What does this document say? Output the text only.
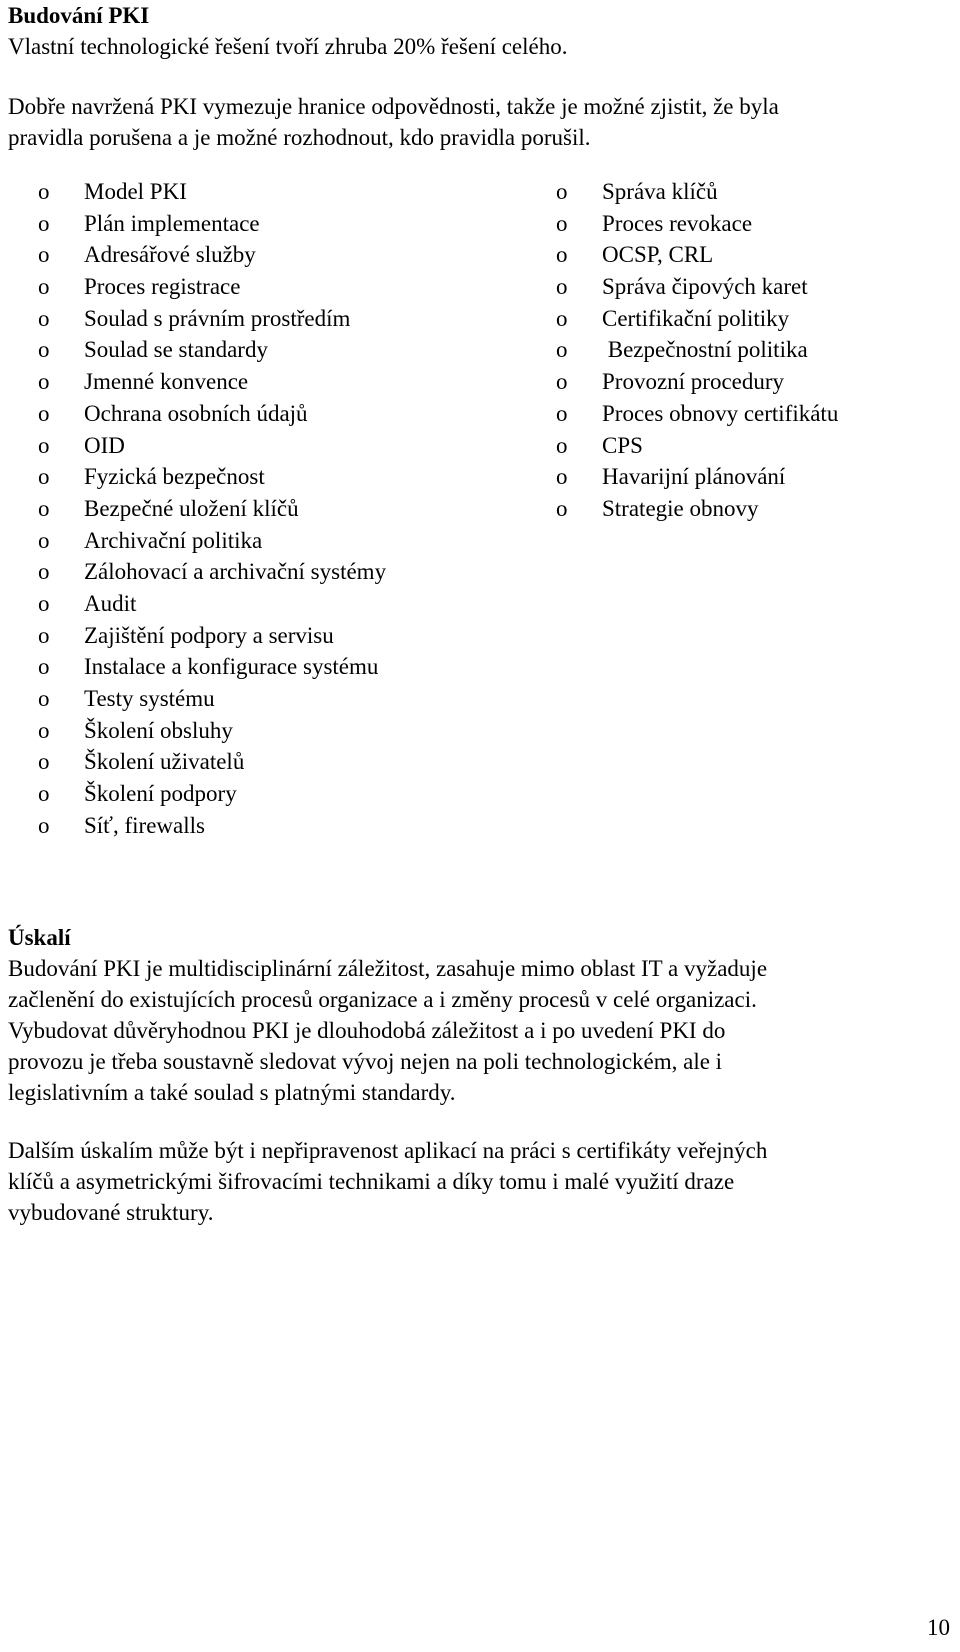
Budování PKI
Vlastní technologické řešení tvoří zhruba 20% řešení celého.
Dobře navržená PKI vymezuje hranice odpovědnosti, takže je možné zjistit, že byla
pravidla porušena a je možné rozhodnout, kdo pravidla porušil.
o	Model PKI
o	Plán implementace
o	Adresářové služby
o	Proces registrace
o	Soulad s právním prostředím
o	Soulad se standardy
o	Jmenné konvence
o	Ochrana osobních údajů
o	OID
o	Fyzická bezpečnost
o	Bezpečné uložení klíčů
o	Archivační politika
o	Zálohovací a archivační systémy
o	Audit
o	Zajištění podpory a servisu
o	Instalace a konfigurace systému
o	Testy systému
o	Školení obsluhy
o	Školení uživatelů
o	Školení podpory
o	Síť, firewalls
o	Správa klíčů
o	Proces revokace
o	OCSP, CRL
o	Správa čipových karet
o	Certifikační politiky
o	Bezpečnostní politika
o	Provozní procedury
o	Proces obnovy certifikátu
o	CPS
o	Havarijní plánování
o	Strategie obnovy
Úskalí
Budování PKI je multidisciplinární záležitost, zasahuje mimo oblast IT a vyžaduje
začlenění do existujících procesů organizace a i změny procesů v celé organizaci.
Vybudovat důvěryhodnou PKI je dlouhodobá záležitost a i po uvedení PKI do
provozu je třeba soustavně sledovat vývoj nejen na poli technologickém, ale i
legislativním a také soulad s platnými standardy.
Dalším úskalím může být i nepřipravenost aplikací na práci s certifikáty veřejných
klíčů a asymetrickými šifrovacími technikami a díky tomu i malé využití draze
vybudované struktury.
10
